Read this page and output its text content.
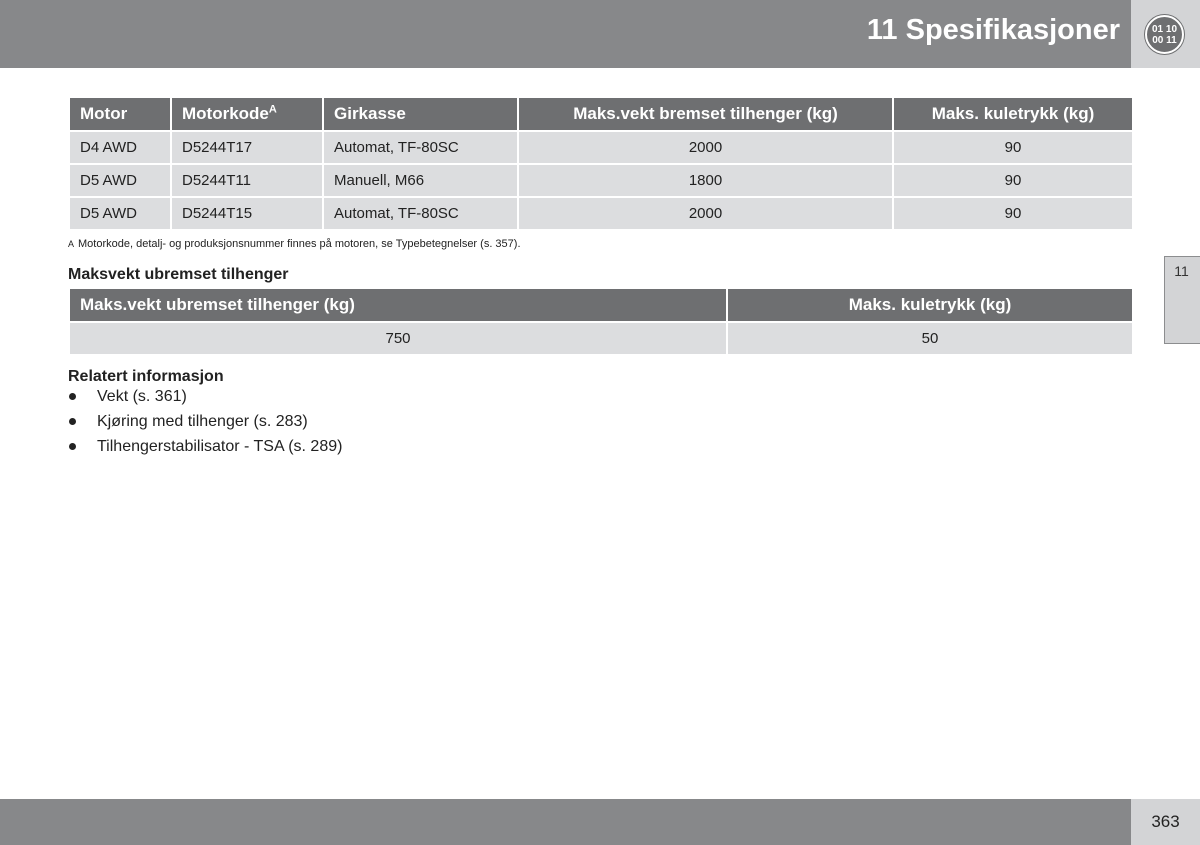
11 Spesifikasjoner	01 10
00 11
11
Motor	Motorkode$^A$	Girkasse	Maks.vekt bremset tilhenger (kg)	Maks. kuletrykk (kg)
D4 AWD	D5244T17	Automat, TF-80SC	2000	90
D5 AWD	D5244T11	Manuell, M66	1800	90
D5 AWD	D5244T15	Automat, TF-80SC	2000	90
A Motorkode, detalj- og produksjonsnummer finnes på motoren, se Typebetegnelser (s. 357).
Maksvekt ubremset tilhenger
Maks.vekt ubremset tilhenger (kg)	Maks. kuletrykk (kg)
750	50
Relatert informasjon
Vekt (s. 361)
Kjøring med tilhenger (s. 283)
Tilhengerstabilisator - TSA (s. 289)
363
